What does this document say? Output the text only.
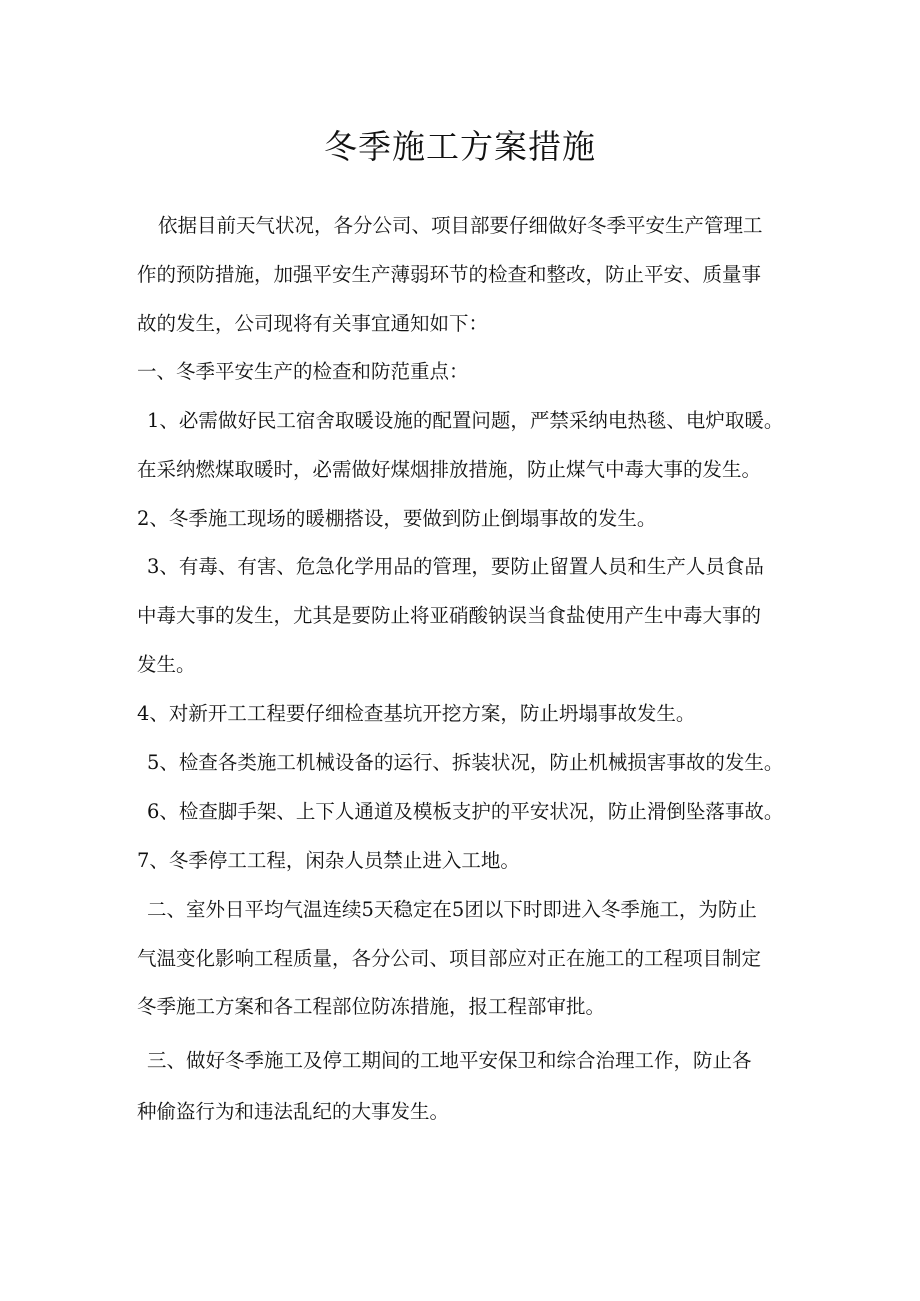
冬季施工方案措施
依据目前天气状况，各分公司、项目部要仔细做好冬季平安生产管理工
作的预防措施，加强平安生产薄弱环节的检查和整改，防止平安、质量事
故的发生，公司现将有关事宜通知如下：
一、冬季平安生产的检查和防范重点：
1、必需做好民工宿舍取暖设施的配置问题，严禁采纳电热毯、电炉取暖。
在采纳燃煤取暖时，必需做好煤烟排放措施，防止煤气中毒大事的发生。
2、冬季施工现场的暖棚搭设，要做到防止倒塌事故的发生。
3、有毒、有害、危急化学用品的管理，要防止留置人员和生产人员食品
中毒大事的发生，尤其是要防止将亚硝酸钠误当食盐使用产生中毒大事的
发生。
4、对新开工工程要仔细检查基坑开挖方案，防止坍塌事故发生。
5、检查各类施工机械设备的运行、拆装状况，防止机械损害事故的发生。
6、检查脚手架、上下人通道及模板支护的平安状况，防止滑倒坠落事故。
7、冬季停工工程，闲杂人员禁止进入工地。
二、室外日平均气温连续5天稳定在5团以下时即进入冬季施工，为防止
气温变化影响工程质量，各分公司、项目部应对正在施工的工程项目制定
冬季施工方案和各工程部位防冻措施，报工程部审批。
三、做好冬季施工及停工期间的工地平安保卫和综合治理工作，防止各
种偷盗行为和违法乱纪的大事发生。
